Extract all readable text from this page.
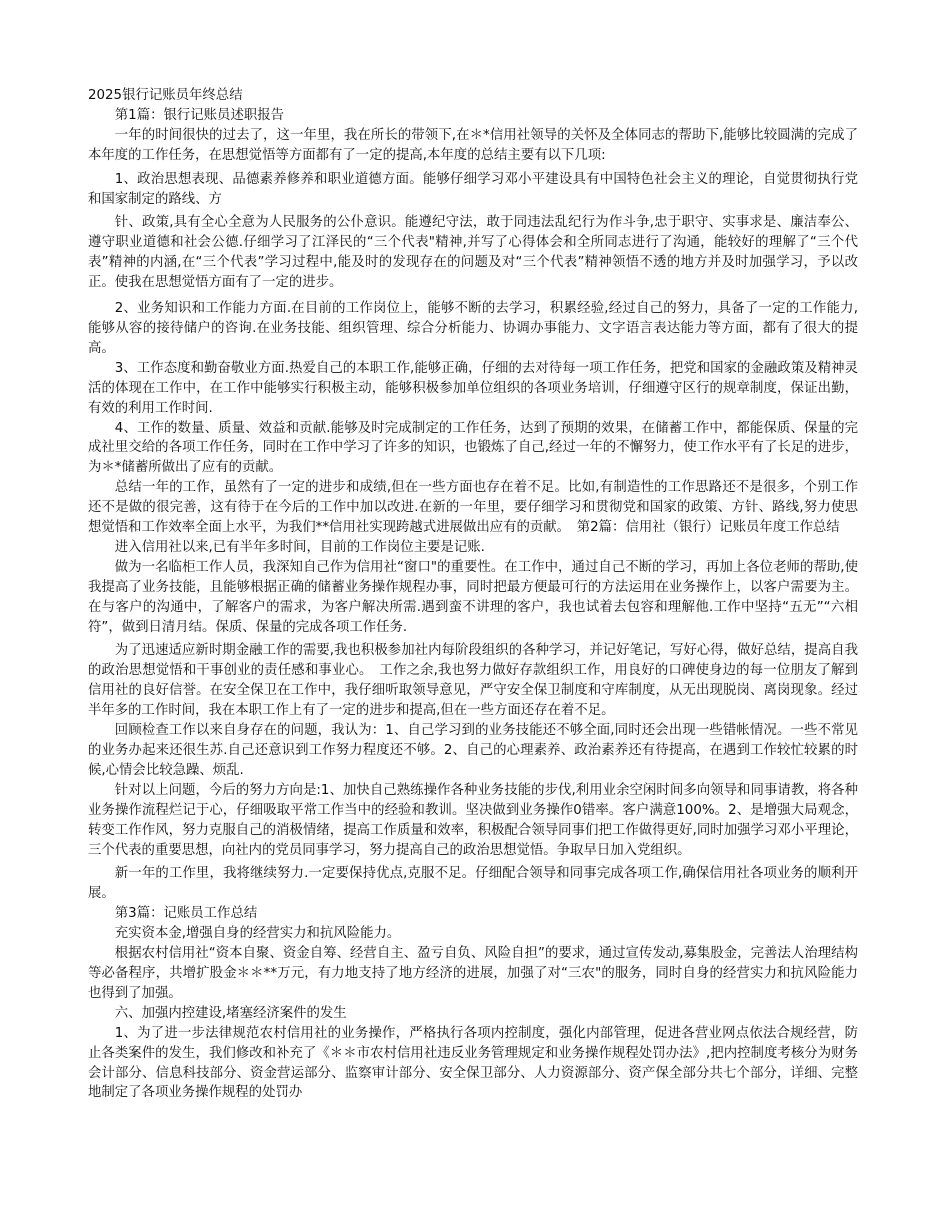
2025银行记账员年终总结

第1篇：银行记账员述职报告

一年的时间很快的过去了，这一年里，我在所长的带领下,在＊*信用社领导的关怀及全体同志的帮助下,能够比较圆满的完成了本年度的工作任务，在思想觉悟等方面都有了一定的提高,本年度的总结主要有以下几项:

1、政治思想表现、品德素养修养和职业道德方面。能够仔细学习邓小平建设具有中国特色社会主义的理论，自觉贯彻执行党和国家制定的路线、方

针、政策,具有全心全意为人民服务的公仆意识。能遵纪守法，敢于同违法乱纪行为作斗争,忠于职守、实事求是、廉洁奉公、遵守职业道德和社会公德.仔细学习了江泽民的“三个代表"精神,并写了心得体会和全所同志进行了沟通，能较好的理解了“三个代表”精神的内涵,在“三个代表”学习过程中,能及时的发现存在的问题及对“三个代表”精神领悟不透的地方并及时加强学习，予以改正。使我在思想觉悟方面有了一定的进步。

2、业务知识和工作能力方面.在目前的工作岗位上，能够不断的去学习，积累经验,经过自己的努力，具备了一定的工作能力,能够从容的接待储户的咨询.在业务技能、组织管理、综合分析能力、协调办事能力、文字语言表达能力等方面，都有了很大的提高。

3、工作态度和勤奋敬业方面.热爱自己的本职工作,能够正确，仔细的去对待每一项工作任务，把党和国家的金融政策及精神灵活的体现在工作中，在工作中能够实行积极主动，能够积极参加单位组织的各项业务培训，仔细遵守区行的规章制度，保证出勤，有效的利用工作时间.

4、工作的数量、质量、效益和贡献.能够及时完成制定的工作任务，达到了预期的效果，在储蓄工作中，都能保质、保量的完成社里交给的各项工作任务，同时在工作中学习了许多的知识，也锻炼了自己,经过一年的不懈努力，使工作水平有了长足的进步，为＊*储蓄所做出了应有的贡献。

总结一年的工作，虽然有了一定的进步和成绩,但在一些方面也存在着不足。比如,有制造性的工作思路还不是很多，个别工作还不是做的很完善，这有待于在今后的工作中加以改进.在新的一年里，要仔细学习和贯彻党和国家的政策、方针、路线,努力使思想觉悟和工作效率全面上水平，为我们**信用社实现跨越式进展做出应有的贡献。　第2篇：信用社（银行）记账员年度工作总结

进入信用社以来,已有半年多时间，目前的工作岗位主要是记账.

做为一名临柜工作人员，我深知自己作为信用社“窗口"的重要性。在工作中，通过自己不断的学习，再加上各位老师的帮助,使我提高了业务技能，且能够根据正确的储蓄业务操作规程办事，同时把最方便最可行的方法运用在业务操作上，以客户需要为主。在与客户的沟通中，了解客户的需求，为客户解决所需.遇到蛮不讲理的客户，我也试着去包容和理解他.工作中坚持“五无”“六相符”，做到日清月结。保质、保量的完成各项工作任务.

为了迅速适应新时期金融工作的需要,我也积极参加社内每阶段组织的各种学习，并记好笔记，写好心得，做好总结，提高自我的政治思想觉悟和干事创业的责任感和事业心。　工作之余,我也努力做好存款组织工作，用良好的口碑使身边的每一位朋友了解到信用社的良好信誉。在安全保卫在工作中，我仔细听取领导意见，严守安全保卫制度和守库制度，从无出现脱岗、离岗现象。经过半年多的工作时间，我在本职工作上有了一定的进步和提高,但在一些方面还存在着不足。

回顾检查工作以来自身存在的问题，我认为：1、自己学习到的业务技能还不够全面,同时还会出现一些错帐情况。一些不常见的业务办起来还很生苏.自己还意识到工作努力程度还不够。2、自己的心理素养、政治素养还有待提高，在遇到工作较忙较累的时候,心情会比较急躁、烦乱.

针对以上问题，今后的努力方向是:1、加快自己熟练操作各种业务技能的步伐,利用业余空闲时间多向领导和同事请教，将各种业务操作流程烂记于心，仔细吸取平常工作当中的经验和教训。坚决做到业务操作0错率。客户满意100%。2、是增强大局观念，转变工作作风，努力克服自己的消极情绪，提高工作质量和效率，积极配合领导同事们把工作做得更好,同时加强学习邓小平理论，三个代表的重要思想，向社内的党员同事学习，努力提高自己的政治思想觉悟。争取早日加入党组织。

新一年的工作里，我将继续努力.一定要保持优点,克服不足。仔细配合领导和同事完成各项工作,确保信用社各项业务的顺利开展。

第3篇：记账员工作总结

充实资本金,增强自身的经营实力和抗风险能力。

根据农村信用社“资本自聚、资金自筹、经营自主、盈亏自负、风险自担”的要求，通过宣传发动,募集股金，完善法人治理结构等必备程序，共增扩股金＊＊**万元，有力地支持了地方经济的进展，加强了对“三农"的服务，同时自身的经营实力和抗风险能力也得到了加强。

六、加强内控建设,堵塞经济案件的发生

1、为了进一步法律规范农村信用社的业务操作，严格执行各项内控制度，强化内部管理，促进各营业网点依法合规经营，防止各类案件的发生，我们修改和补充了《＊＊市农村信用社违反业务管理规定和业务操作规程处罚办法》,把内控制度考核分为财务会计部分、信息科技部分、资金营运部分、监察审计部分、安全保卫部分、人力资源部分、资产保全部分共七个部分，详细、完整地制定了各项业务操作规程的处罚办
